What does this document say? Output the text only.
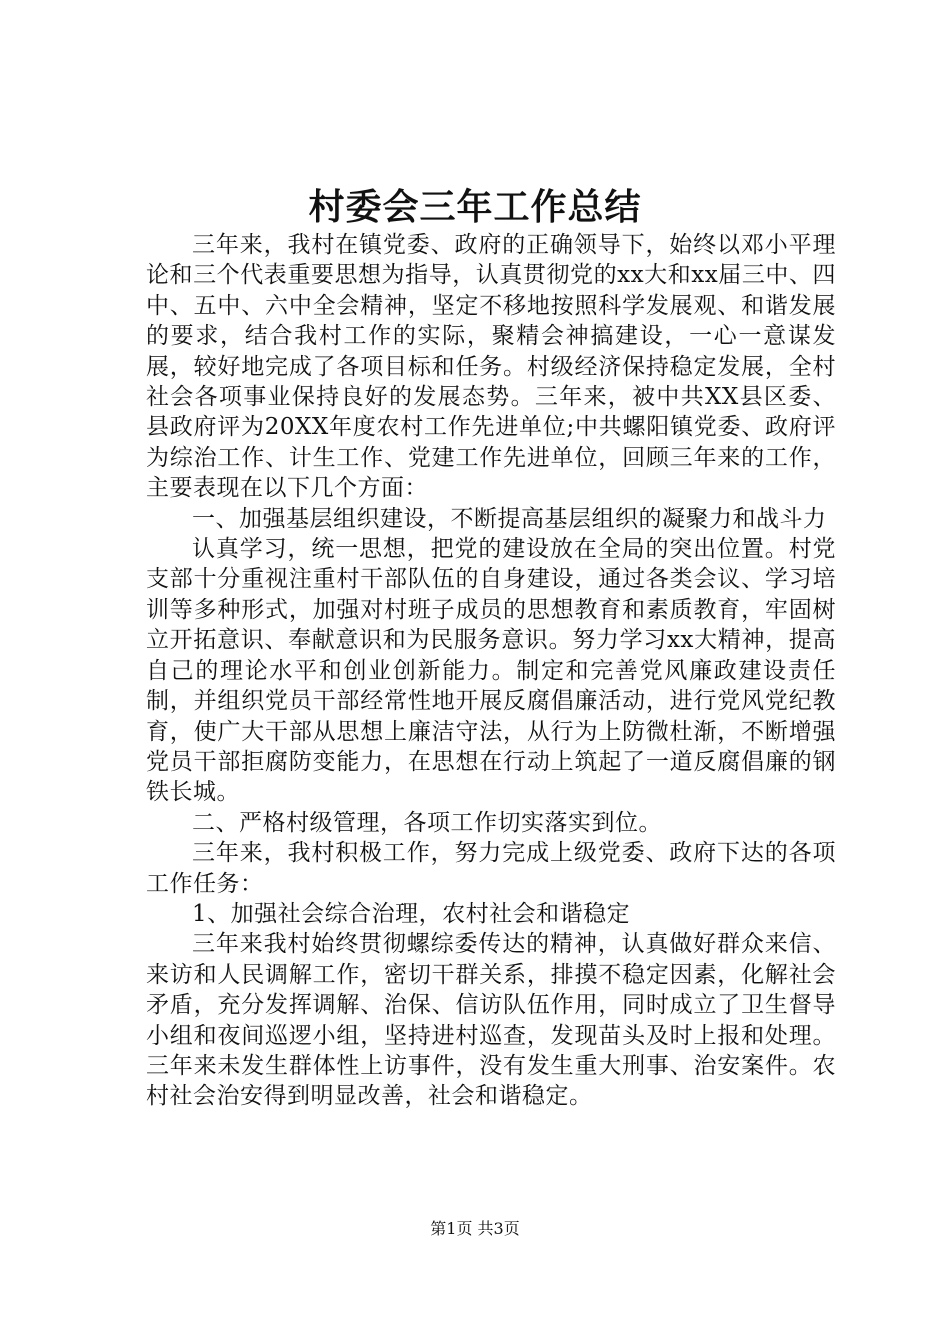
村委会三年工作总结

三年来，我村在镇党委、政府的正确领导下，始终以邓小平理论和三个代表重要思想为指导，认真贯彻党的xx大和xx届三中、四中、五中、六中全会精神，坚定不移地按照科学发展观、和谐发展的要求，结合我村工作的实际，聚精会神搞建设，一心一意谋发展，较好地完成了各项目标和任务。村级经济保持稳定发展，全村社会各项事业保持良好的发展态势。三年来，被中共XX县区委、县政府评为20XX年度农村工作先进单位;中共螺阳镇党委、政府评为综治工作、计生工作、党建工作先进单位，回顾三年来的工作，主要表现在以下几个方面：

一、加强基层组织建设，不断提高基层组织的凝聚力和战斗力

认真学习，统一思想，把党的建设放在全局的突出位置。村党支部十分重视注重村干部队伍的自身建设，通过各类会议、学习培训等多种形式，加强对村班子成员的思想教育和素质教育，牢固树立开拓意识、奉献意识和为民服务意识。努力学习xx大精神，提高自己的理论水平和创业创新能力。制定和完善党风廉政建设责任制，并组织党员干部经常性地开展反腐倡廉活动，进行党风党纪教育，使广大干部从思想上廉洁守法，从行为上防微杜渐，不断增强党员干部拒腐防变能力，在思想在行动上筑起了一道反腐倡廉的钢铁长城。

二、严格村级管理，各项工作切实落实到位。

三年来，我村积极工作，努力完成上级党委、政府下达的各项工作任务：

1、加强社会综合治理，农村社会和谐稳定

三年来我村始终贯彻螺综委传达的精神，认真做好群众来信、来访和人民调解工作，密切干群关系，排摸不稳定因素，化解社会矛盾，充分发挥调解、治保、信访队伍作用，同时成立了卫生督导小组和夜间巡逻小组，坚持进村巡查，发现苗头及时上报和处理。三年来未发生群体性上访事件，没有发生重大刑事、治安案件。农村社会治安得到明显改善，社会和谐稳定。

第1页 共3页
